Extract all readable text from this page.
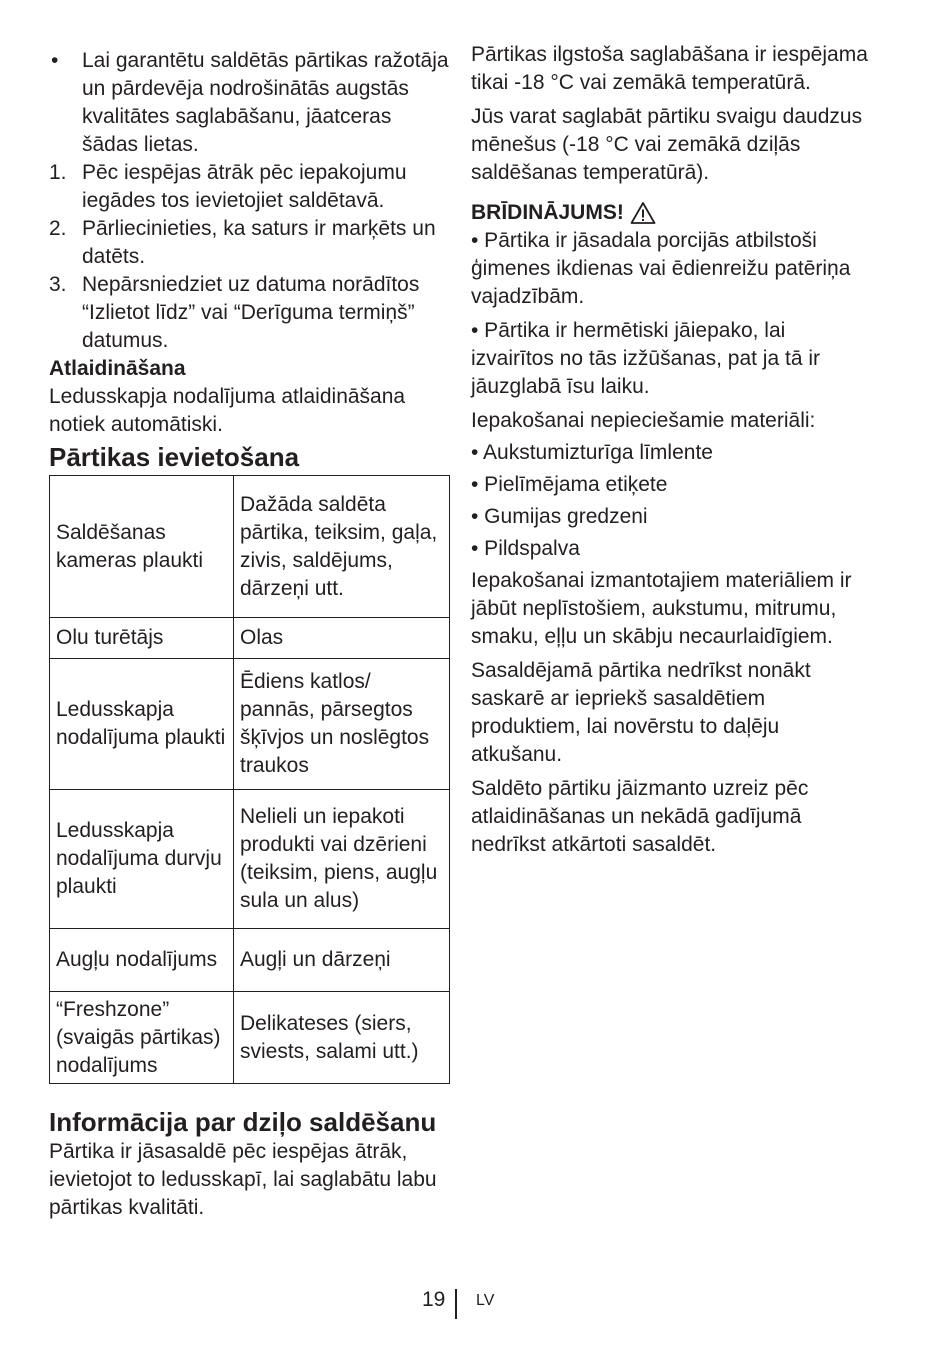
• Lai garantētu saldētās pārtikas ražotāja un pārdevēja nodrošinātās augstās kvalitātes saglabāšanu, jāatceras šādas lietas.

1. Pēc iespējas ātrāk pēc iepakojumu iegādes tos ievietojiet saldētavā.

2. Pārliecinieties, ka saturs ir marķēts un datēts.

3. Nepārsniedziet uz datuma norādītos “Izlietot līdz” vai “Derīguma termiņš” datumus.

Atlaidināšana

Ledusskapja nodalījuma atlaidināšana notiek automātiski.

Pārtikas ievietošana

Saldēšanas kameras plaukti	Dažāda saldēta pārtika, teiksim, gaļa, zivis, saldējums, dārzeņi utt.
Olu turētājs	Olas
Ledusskapja nodalījuma plaukti	Ēdiens katlos/ pannās, pārsegtos šķīvjos un noslēgtos traukos
Ledusskapja nodalījuma durvju plaukti	Nelieli un iepakoti produkti vai dzērieni (teiksim, piens, augļu sula un alus)
Augļu nodalījums	Augļi un dārzeņi
“Freshzone” (svaigās pārtikas) nodalījums	Delikateses (siers, sviests, salami utt.)

Informācija par dziļo saldēšanu

Pārtika ir jāsasaldē pēc iespējas ātrāk, ievietojot to ledusskapī, lai saglabātu labu pārtikas kvalitāti.

Pārtikas ilgstoša saglabāšana ir iespējama tikai -18 °C vai zemākā temperatūrā.

Jūs varat saglabāt pārtiku svaigu daudzus mēnešus (-18 °C vai zemākā dziļās saldēšanas temperatūrā).

BRĪDINĀJUMS!

• Pārtika ir jāsadala porcijās atbilstoši ģimenes ikdienas vai ēdienreižu patēriņa vajadzībām.

• Pārtika ir hermētiski jāiepako, lai izvairītos no tās izžūšanas, pat ja tā ir jāuzglabā īsu laiku.

Iepakošanai nepieciešamie materiāli:

• Aukstumizturīga līmlente

• Pielīmējama etiķete

• Gumijas gredzeni

• Pildspalva

Iepakošanai izmantotajiem materiāliem ir jābūt neplīstošiem, aukstumu, mitrumu, smaku, eļļu un skābju necaurlaidīgiem.

Sasaldējamā pārtika nedrīkst nonākt saskarē ar iepriekš sasaldētiem produktiem, lai novērstu to daļēju atkušanu.

Saldēto pārtiku jāizmanto uzreiz pēc atlaidināšanas un nekādā gadījumā nedrīkst atkārtoti sasaldēt.

19 LV
